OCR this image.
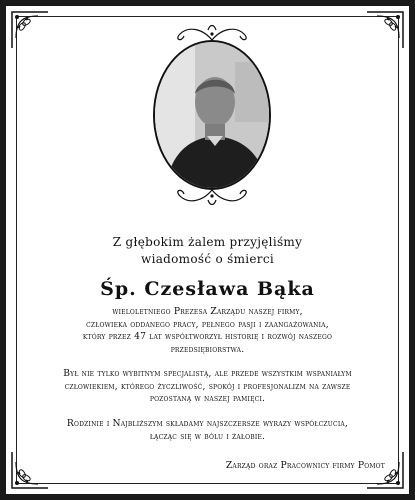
Z głębokim żalem przyjęliśmy
wiadomość o śmierci
Śp. Czesława Bąka
wieloletniego Prezesa Zarządu naszej firmy,
człowieka oddanego pracy, pełnego pasji i zaangażowania,
który przez 47 lat współtworzył historię i rozwój naszego
przedsiębiorstwa.
Był nie tylko wybitnym specjalistą, ale przede wszystkim wspaniałym
człowiekiem, którego życzliwość, spokój i profesjonalizm na zawsze
pozostaną w naszej pamięci.
Rodzinie i Najbliższym składamy najszczersze wyrazy współczucia,
łącząc się w bólu i żałobie.
Zarząd oraz Pracownicy firmy Pomot
